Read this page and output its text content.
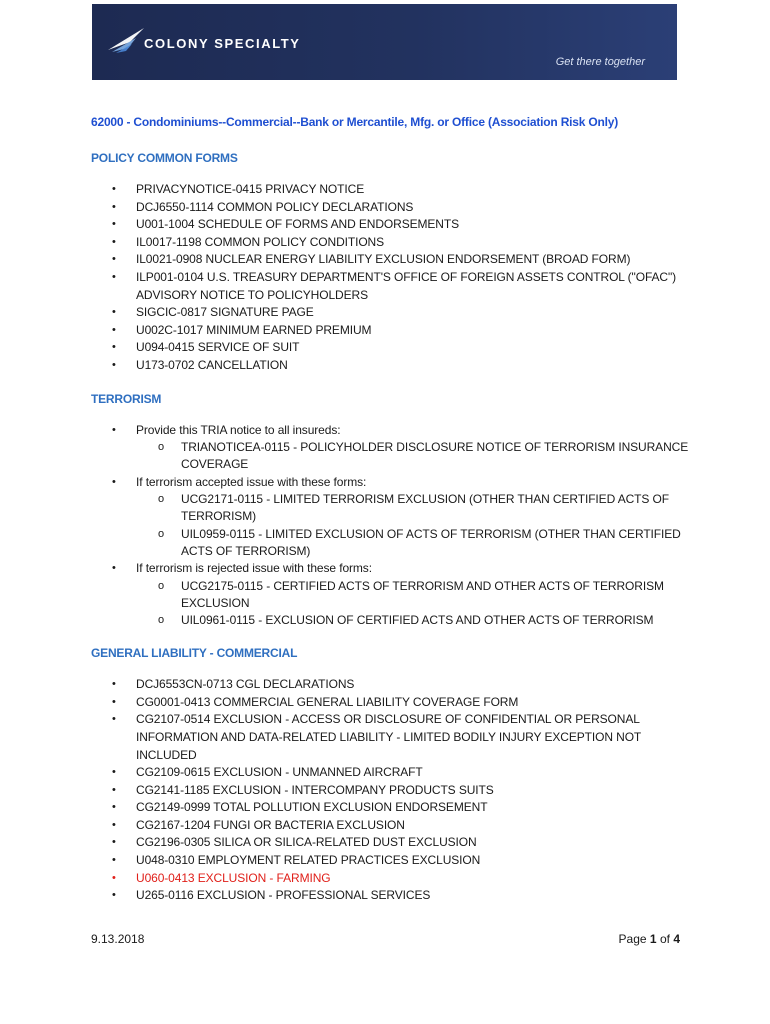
COLONY SPECIALTY
Get there together

62000 - Condominiums--Commercial--Bank or Mercantile, Mfg. or Office (Association Risk Only)

POLICY COMMON FORMS

• PRIVACYNOTICE-0415 PRIVACY NOTICE
• DCJ6550-1114 COMMON POLICY DECLARATIONS
• U001-1004 SCHEDULE OF FORMS AND ENDORSEMENTS
• IL0017-1198 COMMON POLICY CONDITIONS
• IL0021-0908 NUCLEAR ENERGY LIABILITY EXCLUSION ENDORSEMENT (BROAD FORM)
• ILP001-0104 U.S. TREASURY DEPARTMENT'S OFFICE OF FOREIGN ASSETS CONTROL ("OFAC") ADVISORY NOTICE TO POLICYHOLDERS
• SIGCIC-0817 SIGNATURE PAGE
• U002C-1017 MINIMUM EARNED PREMIUM
• U094-0415 SERVICE OF SUIT
• U173-0702 CANCELLATION

TERRORISM

• Provide this TRIA notice to all insureds:
o TRIANOTICEA-0115 - POLICYHOLDER DISCLOSURE NOTICE OF TERRORISM INSURANCE COVERAGE
• If terrorism accepted issue with these forms:
o UCG2171-0115 - LIMITED TERRORISM EXCLUSION (OTHER THAN CERTIFIED ACTS OF TERRORISM)
o UIL0959-0115 - LIMITED EXCLUSION OF ACTS OF TERRORISM (OTHER THAN CERTIFIED ACTS OF TERRORISM)
• If terrorism is rejected issue with these forms:
o UCG2175-0115 - CERTIFIED ACTS OF TERRORISM AND OTHER ACTS OF TERRORISM EXCLUSION
o UIL0961-0115 - EXCLUSION OF CERTIFIED ACTS AND OTHER ACTS OF TERRORISM

GENERAL LIABILITY - COMMERCIAL

• DCJ6553CN-0713 CGL DECLARATIONS
• CG0001-0413 COMMERCIAL GENERAL LIABILITY COVERAGE FORM
• CG2107-0514 EXCLUSION - ACCESS OR DISCLOSURE OF CONFIDENTIAL OR PERSONAL INFORMATION AND DATA-RELATED LIABILITY - LIMITED BODILY INJURY EXCEPTION NOT INCLUDED
• CG2109-0615 EXCLUSION - UNMANNED AIRCRAFT
• CG2141-1185 EXCLUSION - INTERCOMPANY PRODUCTS SUITS
• CG2149-0999 TOTAL POLLUTION EXCLUSION ENDORSEMENT
• CG2167-1204 FUNGI OR BACTERIA EXCLUSION
• CG2196-0305 SILICA OR SILICA-RELATED DUST EXCLUSION
• U048-0310 EMPLOYMENT RELATED PRACTICES EXCLUSION
• U060-0413 EXCLUSION - FARMING
• U265-0116 EXCLUSION - PROFESSIONAL SERVICES
9.13.2018	Page 1 of 4
